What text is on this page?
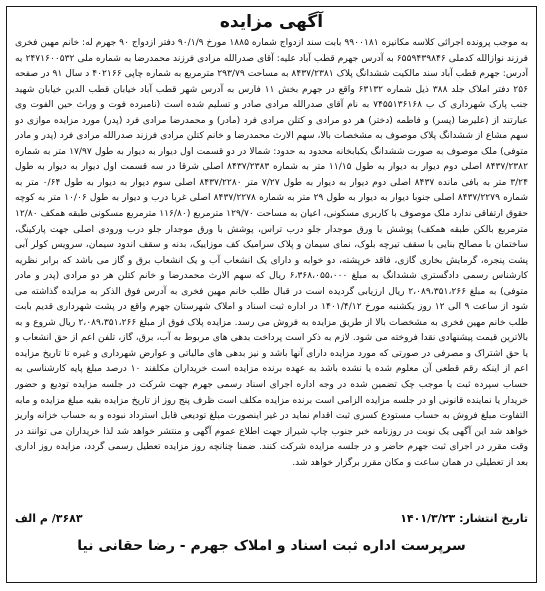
آگهی مزایده
به موجب پرونده اجرائی کلاسه مکانیزه ۹۹۰۰۱۸۱ بابت سند ازدواج شماره ۱۸۸۵ مورخ ۹۰/۱/۹ دفتر ازدواج ۹۰ جهرم له: خانم مهین فخری فرزند نوازالله کدملی ۶۵۵۹۴۳۹۸۴۶ به آدرس جهرم قطب آباد علیه: آقای صدرالله مرادی فرزند محمدرضا به شماره ملی ۲۴۷۱۶۰۰۵۳۲ به آدرس: جهرم قطب آباد سند مالکیت ششدانگ پلاک ۸۴۳۷/۲۳۸۱ به مساحت ۲۹۳/۷۹ مترمربع به شماره چاپی ۴۰۲۱۶۶ د سال ۹۱ در صفحه ۲۵۶ دفتر املاک جلد ۳۸۸ ذیل شماره ۶۳۱۳۲ واقع در جهرم بخش ۱۱ فارس به آدرس شهر قطب آباد خیابان قطب الدین خیابان شهید جنب پارک شهرداری ک ب ۷۴۵۵۱۳۶۱۶۸ به نام آقای صدرالله مرادی صادر و تسلیم شده است (نامبرده فوت و وراث حین الفوت وی عبارتند از (علیرضا (پسر) و فاطمه (دختر) هر دو مرادی و کتلن مرادی فرد (مادر) و محمدرضا مرادی فرد (پدر) مورد مزایده موازی دو سهم مشاع از ششدانگ پلاک موصوف به مشخصات بالا، سهم الارث محمدرضا و خانم کتلن مرادی فرزند صدرالله مرادی فرد (پدر و مادر متوفی) ملک موصوف به صورت ششدانگ یکبابخانه محدود به حدود: شمالا در دو قسمت اول دیوار به دیوار به طول ۱۷/۹۷ متر به شماره ۸۴۳۷/۲۳۸۲ اصلی دوم دیوار به دیوار به طول ۱۱/۱۵ متر به شماره ۸۴۳۷/۲۳۸۳ اصلی شرقا در سه قسمت اول دیوار به دیوار به طول ۳/۲۴ متر به بافی مانده ۸۴۳۷ اصلی دوم دیوار به دیوار به طول ۷/۲۷ متر ۸۴۳۷/۲۲۸۰ اصلی سوم دیوار به دیوار به طول ۰/۶۴ متر به شماره ۸۴۳۷/۲۲۷۹ اصلی جنوبا دیوار به دیوار به طول ۲۹ متر به شماره ۸۴۳۷/۲۲۷۸ اصلی غربا درب و دیوار به طول ۱۰/۰۶ متر به کوچه حقوق ارتفاقی ندارد ملک موصوف با کاربری مسکونی، اعیان به مساحت ۱۲۹/۷۰ مترمربع (۱۱۶/۸۰ مترمربع مسکونی طبقه همکف ۱۲/۸۰ مترمربع بالکن طبقه همکف) پوشش با ورق موجدار جلو درب تراس، پوشش با ورق موجدار جلو درب ورودی اصلی جهت پارکینگ، ساختمان با مصالح بنایی با سقف تیرچه بلوک، نمای سیمان و پلاک سرامیک کف موزاییک، بدنه و سقف اندود سیمان، سرویس کولر آبی پشت پنجره، گرمایش بخاری گازی، فاقد خرپشته، دو خوابه و دارای یک انشعاب آب و یک انشعاب برق و گاز می باشد که برابر نظریه کارشناس رسمی دادگستری ششدانگ به مبلغ ۶،۳۶۸،۰۵۵،۰۰۰ ریال که سهم الارث محمدرضا و خانم کتلن هر دو مرادی (پدر و مادر متوفی) به مبلغ ۲،۰۸۹،۳۵۱،۲۶۶ ریال ارزیابی گردیده است در قبال طلب خانم مهین فخری به آدرس فوق الذکر به مزایده گذاشته می شود از ساعت ۹ الی ۱۲ روز یکشنبه مورخ ۱۴۰۱/۴/۱۲ در اداره ثبت اسناد و املاک شهرستان جهرم واقع در پشت شهرداری قدیم بابت طلب خانم مهین فخری به مشخصات بالا از طریق مزایده به فروش می رسد. مزایده پلاک فوق از مبلغ ۲،۰۸۹،۳۵۱،۲۶۶ ریال شروع و به بالاترین قیمت پیشنهادی نقدا فروخته می شود. لازم به ذکر است پرداخت بدهی های مربوط به آب، برق، گاز، تلفن اعم از حق انشعاب و یا حق اشتراک و مصرفی در صورتی که مورد مزایده دارای آنها باشد و نیز بدهی های مالیاتی و عوارض شهرداری و غیره تا تاریخ مزایده اعم از اینکه رقم قطعی آن معلوم شده یا نشده باشد به عهده برنده مزایده است خریداران مکلفند ۱۰ درصد مبلغ پایه کارشناسی به حساب سپرده ثبت یا موجب چک تضمین شده در وجه اداره اجرای اسناد رسمی جهرم جهت شرکت در جلسه مزایده تودیع و حضور خریدار یا نماینده قانونی او در جلسه مزایده الزامی است برنده مزایده مکلف است ظرف پنج روز از تاریخ مزایده بقیه مبلغ مزایده و مابه التفاوت مبلغ فروش به حساب مستودع کسری ثبت اقدام نماید در غیر اینصورت مبلغ تودیعی قابل استرداد نبوده و به حساب خزانه واریز خواهد شد این آگهی یک نوبت در روزنامه خبر جنوب چاپ شیراز جهت اطلاع عموم آگهی و منتشر خواهد شد لذا خریداران می توانند در وقت مقرر در اجرای ثبت جهرم حاضر و در جلسه مزایده شرکت کنند. ضمنا چنانچه روز مزایده تعطیل رسمی گردد، مزایده روز اداری بعد از تعطیلی در همان ساعت و مکان مقرر برگزار خواهد شد.
تاریخ انتشار: ۱۴۰۱/۳/۲۳
۳۶۸۳/ م الف
سرپرست اداره ثبت اسناد و املاک جهرم - رضا حقانی نیا
